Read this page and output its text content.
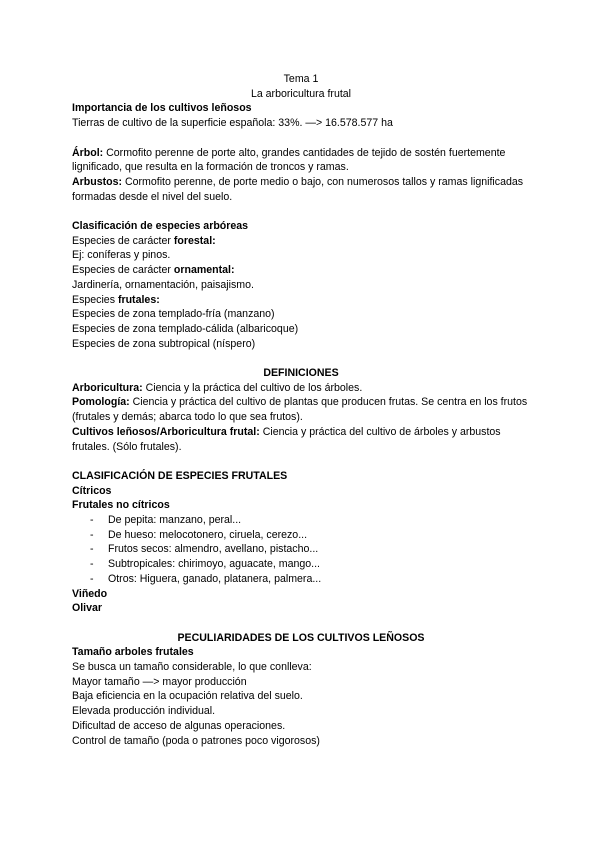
Tema 1
La arboricultura frutal
Importancia de los cultivos leñosos
Tierras de cultivo de la superficie española: 33%. —> 16.578.577 ha
Árbol: Cormofito perenne de porte alto, grandes cantidades de tejido de sostén fuertemente lignificado, que resulta en la formación de troncos y ramas.
Arbustos: Cormofito perenne, de porte medio o bajo, con numerosos tallos y ramas lignificadas formadas desde el nivel del suelo.
Clasificación de especies arbóreas
Especies de carácter forestal:
Ej: coníferas y pinos.
Especies de carácter ornamental:
Jardinería, ornamentación, paisajismo.
Especies frutales:
Especies de zona templado-fría (manzano)
Especies de zona templado-cálida (albaricoque)
Especies de zona subtropical (níspero)
DEFINICIONES
Arboricultura: Ciencia y la práctica del cultivo de los árboles.
Pomología: Ciencia y práctica del cultivo de plantas que producen frutas. Se centra en los frutos (frutales y demás; abarca todo lo que sea frutos).
Cultivos leñosos/Arboricultura frutal: Ciencia y práctica del cultivo de árboles y arbustos frutales. (Sólo frutales).
CLASIFICACIÓN DE ESPECIES FRUTALES
Cítricos
Frutales no cítricos
- De pepita: manzano, peral...
- De hueso: melocotonero, ciruela, cerezo...
- Frutos secos: almendro, avellano, pistacho...
- Subtropicales: chirimoyo, aguacate, mango...
- Otros: Higuera, ganado, platanera, palmera...
Viñedo
Olivar
PECULIARIDADES DE LOS CULTIVOS LEÑOSOS
Tamaño arboles frutales
Se busca un tamaño considerable, lo que conlleva:
Mayor tamaño —> mayor producción
Baja eficiencia en la ocupación relativa del suelo.
Elevada producción individual.
Dificultad de acceso de algunas operaciones.
Control de tamaño (poda o patrones poco vigorosos)
